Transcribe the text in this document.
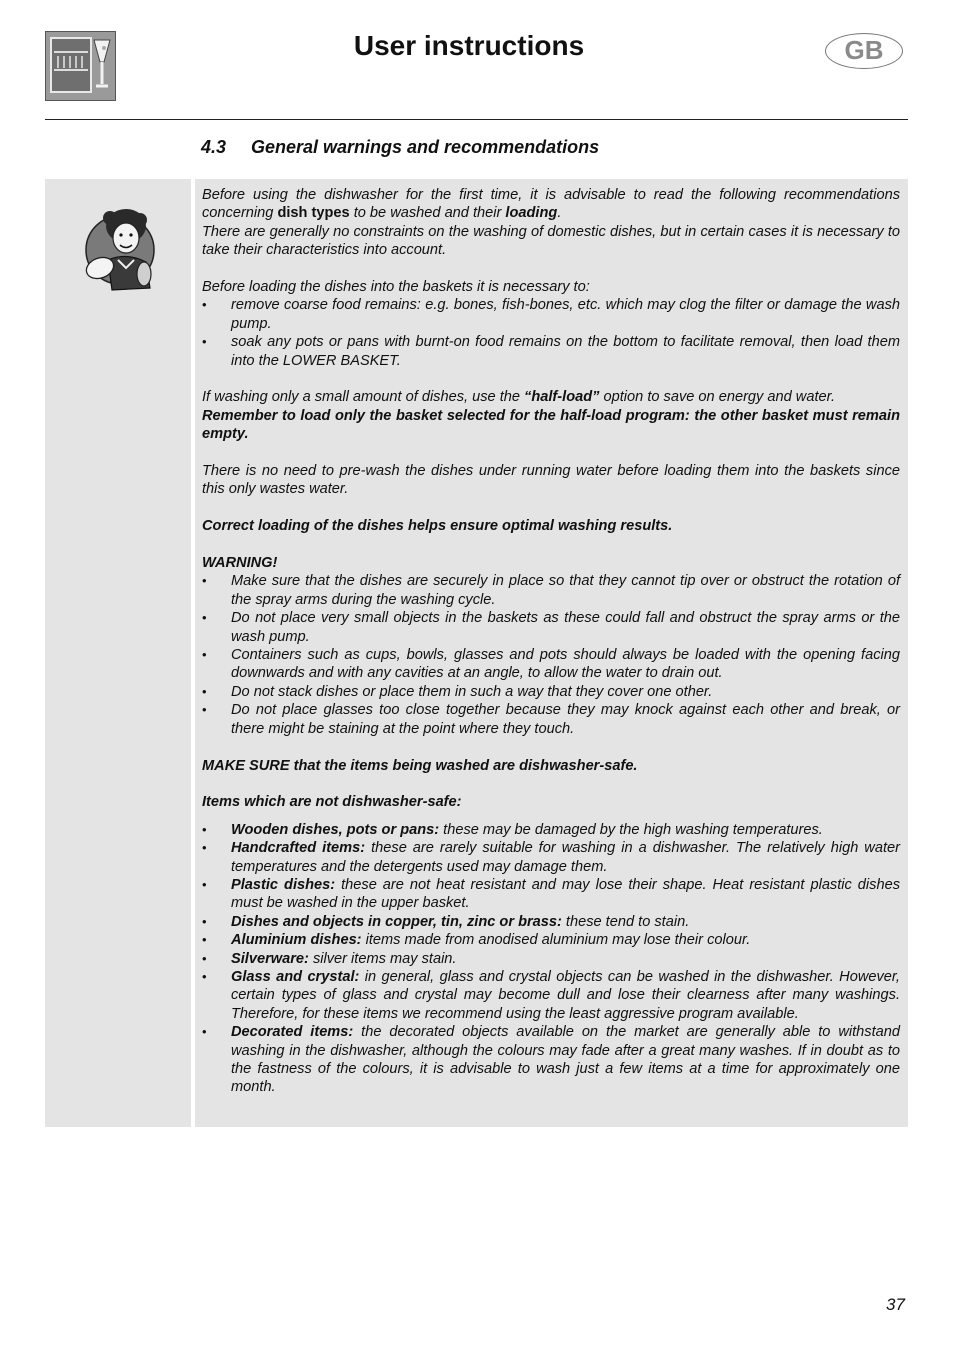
User instructions	GB
4.3 General warnings and recommendations

Before using the dishwasher for the first time, it is advisable to read the following recommendations concerning dish types to be washed and their loading.

There are generally no constraints on the washing of domestic dishes, but in certain cases it is necessary to take their characteristics into account.

Before loading the dishes into the baskets it is necessary to:

• remove coarse food remains: e.g. bones, fish-bones, etc. which may clog the filter or damage the wash pump.
• soak any pots or pans with burnt-on food remains on the bottom to facilitate removal, then load them into the LOWER BASKET.

If washing only a small amount of dishes, use the “half-load” option to save on energy and water.

Remember to load only the basket selected for the half-load program: the other basket must remain empty.

There is no need to pre-wash the dishes under running water before loading them into the baskets since this only wastes water.

Correct loading of the dishes helps ensure optimal washing results.

WARNING!

• Make sure that the dishes are securely in place so that they cannot tip over or obstruct the rotation of the spray arms during the washing cycle.
• Do not place very small objects in the baskets as these could fall and obstruct the spray arms or the wash pump.
• Containers such as cups, bowls, glasses and pots should always be loaded with the opening facing downwards and with any cavities at an angle, to allow the water to drain out.
• Do not stack dishes or place them in such a way that they cover one other.
• Do not place glasses too close together because they may knock against each other and break, or there might be staining at the point where they touch.

MAKE SURE that the items being washed are dishwasher-safe.

Items which are not dishwasher-safe:

• Wooden dishes, pots or pans: these may be damaged by the high washing temperatures.
• Handcrafted items: these are rarely suitable for washing in a dishwasher. The relatively high water temperatures and the detergents used may damage them.
• Plastic dishes: these are not heat resistant and may lose their shape. Heat resistant plastic dishes must be washed in the upper basket.
• Dishes and objects in copper, tin, zinc or brass: these tend to stain.
• Aluminium dishes: items made from anodised aluminium may lose their colour.
• Silverware: silver items may stain.
• Glass and crystal: in general, glass and crystal objects can be washed in the dishwasher. However, certain types of glass and crystal may become dull and lose their clearness after many washings. Therefore, for these items we recommend using the least aggressive program available.
• Decorated items: the decorated objects available on the market are generally able to withstand washing in the dishwasher, although the colours may fade after a great many washes. If in doubt as to the fastness of the colours, it is advisable to wash just a few items at a time for approximately one month.
37
